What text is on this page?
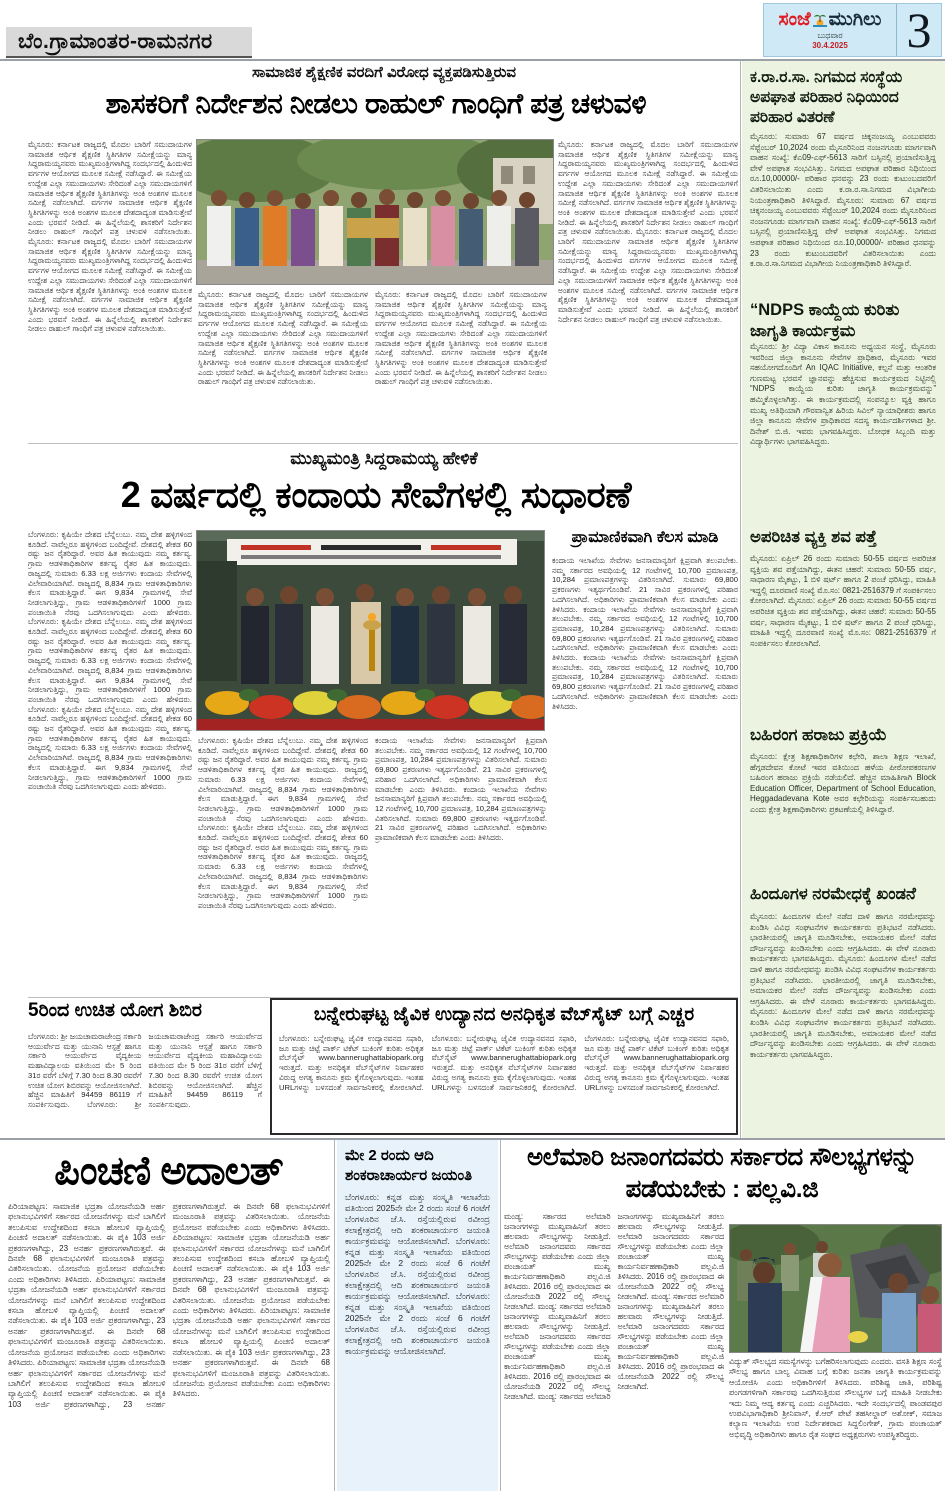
ಬೆಂ.ಗ್ರಾಮಾಂತರ-ರಾಮನಗರ
ಸಂಜೆ ಮುಗಿಲು
ಬುಧವಾರ
30.4.2025 3
ಸಾಮಾಜಿಕ ಶೈಕ್ಷಣಿಕ ವರದಿಗೆ ವಿರೋಧ ವ್ಯಕ್ತಪಡಿಸುತ್ತಿರುವ
ಶಾಸಕರಿಗೆ ನಿರ್ದೇಶನ ನೀಡಲು ರಾಹುಲ್ ಗಾಂಧಿಗೆ ಪತ್ರ ಚಳುವಳಿ
ಮೈಸೂರು: ಕರ್ನಾಟಕ ರಾಜ್ಯದಲ್ಲಿ ಮೊದಲ ಬಾರಿಗೆ ಸಮುದಾಯಗಳ ಸಾಮಾಜಿಕ ಆರ್ಥಿಕ ಶೈಕ್ಷಣಿಕ ಸ್ಥಿತಿಗತಿಗಳ ಸಮೀಕ್ಷೆಯನ್ನು ಮಾನ್ಯ ಸಿದ್ದರಾಮಯ್ಯನವರು ಮುಖ್ಯಮಂತ್ರಿಗಳಾಗಿದ್ದ ಸಂದರ್ಭದಲ್ಲಿ ಹಿಂದುಳಿದ ವರ್ಗಗಳ ಆಯೋಗದ ಮೂಲಕ ಸಮೀಕ್ಷೆ ನಡೆಸಿದ್ದಾರೆ. ಈ ಸಮೀಕ್ಷೆಯ ಉದ್ದೇಶ ಎಲ್ಲಾ ಸಮುದಾಯಗಳು ಸೇರಿದಂತೆ ಎಲ್ಲಾ ಸಮುದಾಯಗಳಿಗೆ ಸಾಮಾಜಿಕ ಆರ್ಥಿಕ ಶೈಕ್ಷಣಿಕ ಸ್ಥಿತಿಗತಿಗಳನ್ನು ಅಂಕಿ ಅಂಶಗಳ ಮೂಲಕ ಸಮೀಕ್ಷೆ ನಡೆಸಲಾಗಿದೆ. ವರ್ಗಗಳ ಸಾಮಾಜಿಕ ಆರ್ಥಿಕ ಶೈಕ್ಷಣಿಕ ಸ್ಥಿತಿಗತಿಗಳನ್ನು ಅಂಕಿ ಅಂಶಗಳ ಮೂಲಕ ದೇಶದಾದ್ಯಂತ ಮಾಡಿಸುತ್ತೇವೆ ಎಂದು ಭರವಸೆ ನೀಡಿದೆ. ಈ ಹಿನ್ನೆಲೆಯಲ್ಲಿ ಶಾಸಕರಿಗೆ ನಿರ್ದೇಶನ ನೀಡಲು ರಾಹುಲ್ ಗಾಂಧಿಗೆ ಪತ್ರ ಚಳುವಳಿ ನಡೆಸಲಾಯಿತು. ಮೈಸೂರು: ಕರ್ನಾಟಕ ರಾಜ್ಯದಲ್ಲಿ ಮೊದಲ ಬಾರಿಗೆ ಸಮುದಾಯಗಳ ಸಾಮಾಜಿಕ ಆರ್ಥಿಕ ಶೈಕ್ಷಣಿಕ ಸ್ಥಿತಿಗತಿಗಳ ಸಮೀಕ್ಷೆಯನ್ನು ಮಾನ್ಯ ಸಿದ್ದರಾಮಯ್ಯನವರು ಮುಖ್ಯಮಂತ್ರಿಗಳಾಗಿದ್ದ ಸಂದರ್ಭದಲ್ಲಿ ಹಿಂದುಳಿದ ವರ್ಗಗಳ ಆಯೋಗದ ಮೂಲಕ ಸಮೀಕ್ಷೆ ನಡೆಸಿದ್ದಾರೆ. ಈ ಸಮೀಕ್ಷೆಯ ಉದ್ದೇಶ ಎಲ್ಲಾ ಸಮುದಾಯಗಳು ಸೇರಿದಂತೆ ಎಲ್ಲಾ ಸಮುದಾಯಗಳಿಗೆ ಸಾಮಾಜಿಕ ಆರ್ಥಿಕ ಶೈಕ್ಷಣಿಕ ಸ್ಥಿತಿಗತಿಗಳನ್ನು ಅಂಕಿ ಅಂಶಗಳ ಮೂಲಕ ಸಮೀಕ್ಷೆ ನಡೆಸಲಾಗಿದೆ. ವರ್ಗಗಳ ಸಾಮಾಜಿಕ ಆರ್ಥಿಕ ಶೈಕ್ಷಣಿಕ ಸ್ಥಿತಿಗತಿಗಳನ್ನು ಅಂಕಿ ಅಂಶಗಳ ಮೂಲಕ ದೇಶದಾದ್ಯಂತ ಮಾಡಿಸುತ್ತೇವೆ ಎಂದು ಭರವಸೆ ನೀಡಿದೆ. ಈ ಹಿನ್ನೆಲೆಯಲ್ಲಿ ಶಾಸಕರಿಗೆ ನಿರ್ದೇಶನ ನೀಡಲು ರಾಹುಲ್ ಗಾಂಧಿಗೆ ಪತ್ರ ಚಳುವಳಿ ನಡೆಸಲಾಯಿತು.
ಮೈಸೂರು: ಕರ್ನಾಟಕ ರಾಜ್ಯದಲ್ಲಿ ಮೊದಲ ಬಾರಿಗೆ ಸಮುದಾಯಗಳ ಸಾಮಾಜಿಕ ಆರ್ಥಿಕ ಶೈಕ್ಷಣಿಕ ಸ್ಥಿತಿಗತಿಗಳ ಸಮೀಕ್ಷೆಯನ್ನು ಮಾನ್ಯ ಸಿದ್ದರಾಮಯ್ಯನವರು ಮುಖ್ಯಮಂತ್ರಿಗಳಾಗಿದ್ದ ಸಂದರ್ಭದಲ್ಲಿ ಹಿಂದುಳಿದ ವರ್ಗಗಳ ಆಯೋಗದ ಮೂಲಕ ಸಮೀಕ್ಷೆ ನಡೆಸಿದ್ದಾರೆ. ಈ ಸಮೀಕ್ಷೆಯ ಉದ್ದೇಶ ಎಲ್ಲಾ ಸಮುದಾಯಗಳು ಸೇರಿದಂತೆ ಎಲ್ಲಾ ಸಮುದಾಯಗಳಿಗೆ ಸಾಮಾಜಿಕ ಆರ್ಥಿಕ ಶೈಕ್ಷಣಿಕ ಸ್ಥಿತಿಗತಿಗಳನ್ನು ಅಂಕಿ ಅಂಶಗಳ ಮೂಲಕ ಸಮೀಕ್ಷೆ ನಡೆಸಲಾಗಿದೆ. ವರ್ಗಗಳ ಸಾಮಾಜಿಕ ಆರ್ಥಿಕ ಶೈಕ್ಷಣಿಕ ಸ್ಥಿತಿಗತಿಗಳನ್ನು ಅಂಕಿ ಅಂಶಗಳ ಮೂಲಕ ದೇಶದಾದ್ಯಂತ ಮಾಡಿಸುತ್ತೇವೆ ಎಂದು ಭರವಸೆ ನೀಡಿದೆ. ಈ ಹಿನ್ನೆಲೆಯಲ್ಲಿ ಶಾಸಕರಿಗೆ ನಿರ್ದೇಶನ ನೀಡಲು ರಾಹುಲ್ ಗಾಂಧಿಗೆ ಪತ್ರ ಚಳುವಳಿ ನಡೆಸಲಾಯಿತು.
ಮೈಸೂರು: ಕರ್ನಾಟಕ ರಾಜ್ಯದಲ್ಲಿ ಮೊದಲ ಬಾರಿಗೆ ಸಮುದಾಯಗಳ ಸಾಮಾಜಿಕ ಆರ್ಥಿಕ ಶೈಕ್ಷಣಿಕ ಸ್ಥಿತಿಗತಿಗಳ ಸಮೀಕ್ಷೆಯನ್ನು ಮಾನ್ಯ ಸಿದ್ದರಾಮಯ್ಯನವರು ಮುಖ್ಯಮಂತ್ರಿಗಳಾಗಿದ್ದ ಸಂದರ್ಭದಲ್ಲಿ ಹಿಂದುಳಿದ ವರ್ಗಗಳ ಆಯೋಗದ ಮೂಲಕ ಸಮೀಕ್ಷೆ ನಡೆಸಿದ್ದಾರೆ. ಈ ಸಮೀಕ್ಷೆಯ ಉದ್ದೇಶ ಎಲ್ಲಾ ಸಮುದಾಯಗಳು ಸೇರಿದಂತೆ ಎಲ್ಲಾ ಸಮುದಾಯಗಳಿಗೆ ಸಾಮಾಜಿಕ ಆರ್ಥಿಕ ಶೈಕ್ಷಣಿಕ ಸ್ಥಿತಿಗತಿಗಳನ್ನು ಅಂಕಿ ಅಂಶಗಳ ಮೂಲಕ ಸಮೀಕ್ಷೆ ನಡೆಸಲಾಗಿದೆ. ವರ್ಗಗಳ ಸಾಮಾಜಿಕ ಆರ್ಥಿಕ ಶೈಕ್ಷಣಿಕ ಸ್ಥಿತಿಗತಿಗಳನ್ನು ಅಂಕಿ ಅಂಶಗಳ ಮೂಲಕ ದೇಶದಾದ್ಯಂತ ಮಾಡಿಸುತ್ತೇವೆ ಎಂದು ಭರವಸೆ ನೀಡಿದೆ. ಈ ಹಿನ್ನೆಲೆಯಲ್ಲಿ ಶಾಸಕರಿಗೆ ನಿರ್ದೇಶನ ನೀಡಲು ರಾಹುಲ್ ಗಾಂಧಿಗೆ ಪತ್ರ ಚಳುವಳಿ ನಡೆಸಲಾಯಿತು.
ಮೈಸೂರು: ಕರ್ನಾಟಕ ರಾಜ್ಯದಲ್ಲಿ ಮೊದಲ ಬಾರಿಗೆ ಸಮುದಾಯಗಳ ಸಾಮಾಜಿಕ ಆರ್ಥಿಕ ಶೈಕ್ಷಣಿಕ ಸ್ಥಿತಿಗತಿಗಳ ಸಮೀಕ್ಷೆಯನ್ನು ಮಾನ್ಯ ಸಿದ್ದರಾಮಯ್ಯನವರು ಮುಖ್ಯಮಂತ್ರಿಗಳಾಗಿದ್ದ ಸಂದರ್ಭದಲ್ಲಿ ಹಿಂದುಳಿದ ವರ್ಗಗಳ ಆಯೋಗದ ಮೂಲಕ ಸಮೀಕ್ಷೆ ನಡೆಸಿದ್ದಾರೆ. ಈ ಸಮೀಕ್ಷೆಯ ಉದ್ದೇಶ ಎಲ್ಲಾ ಸಮುದಾಯಗಳು ಸೇರಿದಂತೆ ಎಲ್ಲಾ ಸಮುದಾಯಗಳಿಗೆ ಸಾಮಾಜಿಕ ಆರ್ಥಿಕ ಶೈಕ್ಷಣಿಕ ಸ್ಥಿತಿಗತಿಗಳನ್ನು ಅಂಕಿ ಅಂಶಗಳ ಮೂಲಕ ಸಮೀಕ್ಷೆ ನಡೆಸಲಾಗಿದೆ. ವರ್ಗಗಳ ಸಾಮಾಜಿಕ ಆರ್ಥಿಕ ಶೈಕ್ಷಣಿಕ ಸ್ಥಿತಿಗತಿಗಳನ್ನು ಅಂಕಿ ಅಂಶಗಳ ಮೂಲಕ ದೇಶದಾದ್ಯಂತ ಮಾಡಿಸುತ್ತೇವೆ ಎಂದು ಭರವಸೆ ನೀಡಿದೆ. ಈ ಹಿನ್ನೆಲೆಯಲ್ಲಿ ಶಾಸಕರಿಗೆ ನಿರ್ದೇಶನ ನೀಡಲು ರಾಹುಲ್ ಗಾಂಧಿಗೆ ಪತ್ರ ಚಳುವಳಿ ನಡೆಸಲಾಯಿತು. ಮೈಸೂರು: ಕರ್ನಾಟಕ ರಾಜ್ಯದಲ್ಲಿ ಮೊದಲ ಬಾರಿಗೆ ಸಮುದಾಯಗಳ ಸಾಮಾಜಿಕ ಆರ್ಥಿಕ ಶೈಕ್ಷಣಿಕ ಸ್ಥಿತಿಗತಿಗಳ ಸಮೀಕ್ಷೆಯನ್ನು ಮಾನ್ಯ ಸಿದ್ದರಾಮಯ್ಯನವರು ಮುಖ್ಯಮಂತ್ರಿಗಳಾಗಿದ್ದ ಸಂದರ್ಭದಲ್ಲಿ ಹಿಂದುಳಿದ ವರ್ಗಗಳ ಆಯೋಗದ ಮೂಲಕ ಸಮೀಕ್ಷೆ ನಡೆಸಿದ್ದಾರೆ. ಈ ಸಮೀಕ್ಷೆಯ ಉದ್ದೇಶ ಎಲ್ಲಾ ಸಮುದಾಯಗಳು ಸೇರಿದಂತೆ ಎಲ್ಲಾ ಸಮುದಾಯಗಳಿಗೆ ಸಾಮಾಜಿಕ ಆರ್ಥಿಕ ಶೈಕ್ಷಣಿಕ ಸ್ಥಿತಿಗತಿಗಳನ್ನು ಅಂಕಿ ಅಂಶಗಳ ಮೂಲಕ ಸಮೀಕ್ಷೆ ನಡೆಸಲಾಗಿದೆ. ವರ್ಗಗಳ ಸಾಮಾಜಿಕ ಆರ್ಥಿಕ ಶೈಕ್ಷಣಿಕ ಸ್ಥಿತಿಗತಿಗಳನ್ನು ಅಂಕಿ ಅಂಶಗಳ ಮೂಲಕ ದೇಶದಾದ್ಯಂತ ಮಾಡಿಸುತ್ತೇವೆ ಎಂದು ಭರವಸೆ ನೀಡಿದೆ. ಈ ಹಿನ್ನೆಲೆಯಲ್ಲಿ ಶಾಸಕರಿಗೆ ನಿರ್ದೇಶನ ನೀಡಲು ರಾಹುಲ್ ಗಾಂಧಿಗೆ ಪತ್ರ ಚಳುವಳಿ ನಡೆಸಲಾಯಿತು.
ಮುಖ್ಯಮಂತ್ರಿ ಸಿದ್ದರಾಮಯ್ಯ ಹೇಳಿಕೆ
2 ವರ್ಷದಲ್ಲಿ ಕಂದಾಯ ಸೇವೆಗಳಲ್ಲಿ ಸುಧಾರಣೆ
ಪ್ರಾಮಾಣಿಕವಾಗಿ ಕೆಲಸ ಮಾಡಿ
ಬೆಂಗಳೂರು: ಕೃಷಿಯೇ ದೇಶದ ಬೆನ್ನೆಲುಬು. ನಮ್ಮ ದೇಶ ಹಳ್ಳಿಗಳಿಂದ ಕೂಡಿದೆ. ನಾವೆಲ್ಲರೂ ಹಳ್ಳಿಗಳಿಂದ ಬಂದಿದ್ದೇವೆ. ದೇಶದಲ್ಲಿ ಶೇಕಡ 60 ರಷ್ಟು ಜನ ರೈತರಿದ್ದಾರೆ. ಅವರ ಹಿತ ಕಾಯುವುದು ನಮ್ಮ ಕರ್ತವ್ಯ. ಗ್ರಾಮ ಆಡಳಿತಾಧಿಕಾರಿಗಳ ಕರ್ತವ್ಯ ರೈತರ ಹಿತ ಕಾಯುವುದು. ರಾಜ್ಯದಲ್ಲಿ ಸುಮಾರು 6.33 ಲಕ್ಷ ಅರ್ಜಿಗಳು ಕಂದಾಯ ಸೇವೆಗಳಲ್ಲಿ ವಿಲೇವಾರಿಯಾಗಿವೆ. ರಾಜ್ಯದಲ್ಲಿ 8,834 ಗ್ರಾಮ ಆಡಳಿತಾಧಿಕಾರಿಗಳು ಕೆಲಸ ಮಾಡುತ್ತಿದ್ದಾರೆ. ಈಗ 9,834 ಗ್ರಾಮಗಳಲ್ಲಿ ಸೇವೆ ನೀಡಲಾಗುತ್ತಿದ್ದು, ಗ್ರಾಮ ಆಡಳಿತಾಧಿಕಾರಿಗಳಿಗೆ 1000 ಗ್ರಾಮ ಪಂಚಾಯಿತಿ ನೆರವು ಒದಗಿಸಲಾಗುವುದು ಎಂದು ಹೇಳಿದರು. ಬೆಂಗಳೂರು: ಕೃಷಿಯೇ ದೇಶದ ಬೆನ್ನೆಲುಬು. ನಮ್ಮ ದೇಶ ಹಳ್ಳಿಗಳಿಂದ ಕೂಡಿದೆ. ನಾವೆಲ್ಲರೂ ಹಳ್ಳಿಗಳಿಂದ ಬಂದಿದ್ದೇವೆ. ದೇಶದಲ್ಲಿ ಶೇಕಡ 60 ರಷ್ಟು ಜನ ರೈತರಿದ್ದಾರೆ. ಅವರ ಹಿತ ಕಾಯುವುದು ನಮ್ಮ ಕರ್ತವ್ಯ. ಗ್ರಾಮ ಆಡಳಿತಾಧಿಕಾರಿಗಳ ಕರ್ತವ್ಯ ರೈತರ ಹಿತ ಕಾಯುವುದು. ರಾಜ್ಯದಲ್ಲಿ ಸುಮಾರು 6.33 ಲಕ್ಷ ಅರ್ಜಿಗಳು ಕಂದಾಯ ಸೇವೆಗಳಲ್ಲಿ ವಿಲೇವಾರಿಯಾಗಿವೆ. ರಾಜ್ಯದಲ್ಲಿ 8,834 ಗ್ರಾಮ ಆಡಳಿತಾಧಿಕಾರಿಗಳು ಕೆಲಸ ಮಾಡುತ್ತಿದ್ದಾರೆ. ಈಗ 9,834 ಗ್ರಾಮಗಳಲ್ಲಿ ಸೇವೆ ನೀಡಲಾಗುತ್ತಿದ್ದು, ಗ್ರಾಮ ಆಡಳಿತಾಧಿಕಾರಿಗಳಿಗೆ 1000 ಗ್ರಾಮ ಪಂಚಾಯಿತಿ ನೆರವು ಒದಗಿಸಲಾಗುವುದು ಎಂದು ಹೇಳಿದರು. ಬೆಂಗಳೂರು: ಕೃಷಿಯೇ ದೇಶದ ಬೆನ್ನೆಲುಬು. ನಮ್ಮ ದೇಶ ಹಳ್ಳಿಗಳಿಂದ ಕೂಡಿದೆ. ನಾವೆಲ್ಲರೂ ಹಳ್ಳಿಗಳಿಂದ ಬಂದಿದ್ದೇವೆ. ದೇಶದಲ್ಲಿ ಶೇಕಡ 60 ರಷ್ಟು ಜನ ರೈತರಿದ್ದಾರೆ. ಅವರ ಹಿತ ಕಾಯುವುದು ನಮ್ಮ ಕರ್ತವ್ಯ. ಗ್ರಾಮ ಆಡಳಿತಾಧಿಕಾರಿಗಳ ಕರ್ತವ್ಯ ರೈತರ ಹಿತ ಕಾಯುವುದು. ರಾಜ್ಯದಲ್ಲಿ ಸುಮಾರು 6.33 ಲಕ್ಷ ಅರ್ಜಿಗಳು ಕಂದಾಯ ಸೇವೆಗಳಲ್ಲಿ ವಿಲೇವಾರಿಯಾಗಿವೆ. ರಾಜ್ಯದಲ್ಲಿ 8,834 ಗ್ರಾಮ ಆಡಳಿತಾಧಿಕಾರಿಗಳು ಕೆಲಸ ಮಾಡುತ್ತಿದ್ದಾರೆ. ಈಗ 9,834 ಗ್ರಾಮಗಳಲ್ಲಿ ಸೇವೆ ನೀಡಲಾಗುತ್ತಿದ್ದು, ಗ್ರಾಮ ಆಡಳಿತಾಧಿಕಾರಿಗಳಿಗೆ 1000 ಗ್ರಾಮ ಪಂಚಾಯಿತಿ ನೆರವು ಒದಗಿಸಲಾಗುವುದು ಎಂದು ಹೇಳಿದರು.
ಬೆಂಗಳೂರು: ಕೃಷಿಯೇ ದೇಶದ ಬೆನ್ನೆಲುಬು. ನಮ್ಮ ದೇಶ ಹಳ್ಳಿಗಳಿಂದ ಕೂಡಿದೆ. ನಾವೆಲ್ಲರೂ ಹಳ್ಳಿಗಳಿಂದ ಬಂದಿದ್ದೇವೆ. ದೇಶದಲ್ಲಿ ಶೇಕಡ 60 ರಷ್ಟು ಜನ ರೈತರಿದ್ದಾರೆ. ಅವರ ಹಿತ ಕಾಯುವುದು ನಮ್ಮ ಕರ್ತವ್ಯ. ಗ್ರಾಮ ಆಡಳಿತಾಧಿಕಾರಿಗಳ ಕರ್ತವ್ಯ ರೈತರ ಹಿತ ಕಾಯುವುದು. ರಾಜ್ಯದಲ್ಲಿ ಸುಮಾರು 6.33 ಲಕ್ಷ ಅರ್ಜಿಗಳು ಕಂದಾಯ ಸೇವೆಗಳಲ್ಲಿ ವಿಲೇವಾರಿಯಾಗಿವೆ. ರಾಜ್ಯದಲ್ಲಿ 8,834 ಗ್ರಾಮ ಆಡಳಿತಾಧಿಕಾರಿಗಳು ಕೆಲಸ ಮಾಡುತ್ತಿದ್ದಾರೆ. ಈಗ 9,834 ಗ್ರಾಮಗಳಲ್ಲಿ ಸೇವೆ ನೀಡಲಾಗುತ್ತಿದ್ದು, ಗ್ರಾಮ ಆಡಳಿತಾಧಿಕಾರಿಗಳಿಗೆ 1000 ಗ್ರಾಮ ಪಂಚಾಯಿತಿ ನೆರವು ಒದಗಿಸಲಾಗುವುದು ಎಂದು ಹೇಳಿದರು. ಬೆಂಗಳೂರು: ಕೃಷಿಯೇ ದೇಶದ ಬೆನ್ನೆಲುಬು. ನಮ್ಮ ದೇಶ ಹಳ್ಳಿಗಳಿಂದ ಕೂಡಿದೆ. ನಾವೆಲ್ಲರೂ ಹಳ್ಳಿಗಳಿಂದ ಬಂದಿದ್ದೇವೆ. ದೇಶದಲ್ಲಿ ಶೇಕಡ 60 ರಷ್ಟು ಜನ ರೈತರಿದ್ದಾರೆ. ಅವರ ಹಿತ ಕಾಯುವುದು ನಮ್ಮ ಕರ್ತವ್ಯ. ಗ್ರಾಮ ಆಡಳಿತಾಧಿಕಾರಿಗಳ ಕರ್ತವ್ಯ ರೈತರ ಹಿತ ಕಾಯುವುದು. ರಾಜ್ಯದಲ್ಲಿ ಸುಮಾರು 6.33 ಲಕ್ಷ ಅರ್ಜಿಗಳು ಕಂದಾಯ ಸೇವೆಗಳಲ್ಲಿ ವಿಲೇವಾರಿಯಾಗಿವೆ. ರಾಜ್ಯದಲ್ಲಿ 8,834 ಗ್ರಾಮ ಆಡಳಿತಾಧಿಕಾರಿಗಳು ಕೆಲಸ ಮಾಡುತ್ತಿದ್ದಾರೆ. ಈಗ 9,834 ಗ್ರಾಮಗಳಲ್ಲಿ ಸೇವೆ ನೀಡಲಾಗುತ್ತಿದ್ದು, ಗ್ರಾಮ ಆಡಳಿತಾಧಿಕಾರಿಗಳಿಗೆ 1000 ಗ್ರಾಮ ಪಂಚಾಯಿತಿ ನೆರವು ಒದಗಿಸಲಾಗುವುದು ಎಂದು ಹೇಳಿದರು.
ಕಂದಾಯ ಇಲಾಖೆಯ ಸೇವೆಗಳು ಜನಸಾಮಾನ್ಯರಿಗೆ ಕ್ಷಿಪ್ರವಾಗಿ ತಲುಪಬೇಕು. ನಮ್ಮ ಸರ್ಕಾರದ ಅವಧಿಯಲ್ಲಿ 12 ಗಂಟೆಗಳಲ್ಲಿ 10,700 ಪ್ರಮಾಣಪತ್ರ, 10,284 ಪ್ರಮಾಣಪತ್ರಗಳನ್ನು ವಿತರಿಸಲಾಗಿದೆ. ಸುಮಾರು 69,800 ಪ್ರಕರಣಗಳು ಇತ್ಯರ್ಥಗೊಂಡಿವೆ. 21 ಸಾವಿರ ಪ್ರಕರಣಗಳಲ್ಲಿ ಪರಿಹಾರ ಒದಗಿಸಲಾಗಿದೆ. ಅಧಿಕಾರಿಗಳು ಪ್ರಾಮಾಣಿಕವಾಗಿ ಕೆಲಸ ಮಾಡಬೇಕು ಎಂದು ತಿಳಿಸಿದರು. ಕಂದಾಯ ಇಲಾಖೆಯ ಸೇವೆಗಳು ಜನಸಾಮಾನ್ಯರಿಗೆ ಕ್ಷಿಪ್ರವಾಗಿ ತಲುಪಬೇಕು. ನಮ್ಮ ಸರ್ಕಾರದ ಅವಧಿಯಲ್ಲಿ 12 ಗಂಟೆಗಳಲ್ಲಿ 10,700 ಪ್ರಮಾಣಪತ್ರ, 10,284 ಪ್ರಮಾಣಪತ್ರಗಳನ್ನು ವಿತರಿಸಲಾಗಿದೆ. ಸುಮಾರು 69,800 ಪ್ರಕರಣಗಳು ಇತ್ಯರ್ಥಗೊಂಡಿವೆ. 21 ಸಾವಿರ ಪ್ರಕರಣಗಳಲ್ಲಿ ಪರಿಹಾರ ಒದಗಿಸಲಾಗಿದೆ. ಅಧಿಕಾರಿಗಳು ಪ್ರಾಮಾಣಿಕವಾಗಿ ಕೆಲಸ ಮಾಡಬೇಕು ಎಂದು ತಿಳಿಸಿದರು.
ಕಂದಾಯ ಇಲಾಖೆಯ ಸೇವೆಗಳು ಜನಸಾಮಾನ್ಯರಿಗೆ ಕ್ಷಿಪ್ರವಾಗಿ ತಲುಪಬೇಕು. ನಮ್ಮ ಸರ್ಕಾರದ ಅವಧಿಯಲ್ಲಿ 12 ಗಂಟೆಗಳಲ್ಲಿ 10,700 ಪ್ರಮಾಣಪತ್ರ, 10,284 ಪ್ರಮಾಣಪತ್ರಗಳನ್ನು ವಿತರಿಸಲಾಗಿದೆ. ಸುಮಾರು 69,800 ಪ್ರಕರಣಗಳು ಇತ್ಯರ್ಥಗೊಂಡಿವೆ. 21 ಸಾವಿರ ಪ್ರಕರಣಗಳಲ್ಲಿ ಪರಿಹಾರ ಒದಗಿಸಲಾಗಿದೆ. ಅಧಿಕಾರಿಗಳು ಪ್ರಾಮಾಣಿಕವಾಗಿ ಕೆಲಸ ಮಾಡಬೇಕು ಎಂದು ತಿಳಿಸಿದರು. ಕಂದಾಯ ಇಲಾಖೆಯ ಸೇವೆಗಳು ಜನಸಾಮಾನ್ಯರಿಗೆ ಕ್ಷಿಪ್ರವಾಗಿ ತಲುಪಬೇಕು. ನಮ್ಮ ಸರ್ಕಾರದ ಅವಧಿಯಲ್ಲಿ 12 ಗಂಟೆಗಳಲ್ಲಿ 10,700 ಪ್ರಮಾಣಪತ್ರ, 10,284 ಪ್ರಮಾಣಪತ್ರಗಳನ್ನು ವಿತರಿಸಲಾಗಿದೆ. ಸುಮಾರು 69,800 ಪ್ರಕರಣಗಳು ಇತ್ಯರ್ಥಗೊಂಡಿವೆ. 21 ಸಾವಿರ ಪ್ರಕರಣಗಳಲ್ಲಿ ಪರಿಹಾರ ಒದಗಿಸಲಾಗಿದೆ. ಅಧಿಕಾರಿಗಳು ಪ್ರಾಮಾಣಿಕವಾಗಿ ಕೆಲಸ ಮಾಡಬೇಕು ಎಂದು ತಿಳಿಸಿದರು. ಕಂದಾಯ ಇಲಾಖೆಯ ಸೇವೆಗಳು ಜನಸಾಮಾನ್ಯರಿಗೆ ಕ್ಷಿಪ್ರವಾಗಿ ತಲುಪಬೇಕು. ನಮ್ಮ ಸರ್ಕಾರದ ಅವಧಿಯಲ್ಲಿ 12 ಗಂಟೆಗಳಲ್ಲಿ 10,700 ಪ್ರಮಾಣಪತ್ರ, 10,284 ಪ್ರಮಾಣಪತ್ರಗಳನ್ನು ವಿತರಿಸಲಾಗಿದೆ. ಸುಮಾರು 69,800 ಪ್ರಕರಣಗಳು ಇತ್ಯರ್ಥಗೊಂಡಿವೆ. 21 ಸಾವಿರ ಪ್ರಕರಣಗಳಲ್ಲಿ ಪರಿಹಾರ ಒದಗಿಸಲಾಗಿದೆ. ಅಧಿಕಾರಿಗಳು ಪ್ರಾಮಾಣಿಕವಾಗಿ ಕೆಲಸ ಮಾಡಬೇಕು ಎಂದು ತಿಳಿಸಿದರು.
5ರಿಂದ ಉಚಿತ ಯೋಗ ಶಿಬಿರ
ಬೆಂಗಳೂರು: ಶ್ರೀ ಜಯಚಾಮರಾಜೇಂದ್ರ ಸರ್ಕಾರಿ ಆಯುರ್ವೇದ ಮತ್ತು ಯುನಾನಿ ಆಸ್ಪತ್ರೆ ಹಾಗೂ ಸರ್ಕಾರಿ ಆಯುರ್ವೇದ ವೈದ್ಯಕೀಯ ಮಹಾವಿದ್ಯಾಲಯ ವತಿಯಿಂದ ಮೇ 5 ರಿಂದ 31ರ ವರೆಗೆ ಬೆಳಿಗ್ಗೆ 7.30 ರಿಂದ 8.30 ರವರೆಗೆ ಉಚಿತ ಯೋಗ ಶಿಬಿರವನ್ನು ಆಯೋಜಿಸಲಾಗಿದೆ. ಹೆಚ್ಚಿನ ಮಾಹಿತಿಗೆ 94459 86119 ಗೆ ಸಂಪರ್ಕಿಸುವುದು. ಬೆಂಗಳೂರು: ಶ್ರೀ ಜಯಚಾಮರಾಜೇಂದ್ರ ಸರ್ಕಾರಿ ಆಯುರ್ವೇದ ಮತ್ತು ಯುನಾನಿ ಆಸ್ಪತ್ರೆ ಹಾಗೂ ಸರ್ಕಾರಿ ಆಯುರ್ವೇದ ವೈದ್ಯಕೀಯ ಮಹಾವಿದ್ಯಾಲಯ ವತಿಯಿಂದ ಮೇ 5 ರಿಂದ 31ರ ವರೆಗೆ ಬೆಳಿಗ್ಗೆ 7.30 ರಿಂದ 8.30 ರವರೆಗೆ ಉಚಿತ ಯೋಗ ಶಿಬಿರವನ್ನು ಆಯೋಜಿಸಲಾಗಿದೆ. ಹೆಚ್ಚಿನ ಮಾಹಿತಿಗೆ 94459 86119 ಗೆ ಸಂಪರ್ಕಿಸುವುದು.
ಬನ್ನೇರುಘಟ್ಟ ಜೈವಿಕ ಉದ್ಯಾನದ ಅನಧಿಕೃತ ವೆಬ್‌ಸೈಟ್ ಬಗ್ಗೆ ಎಚ್ಚರ
ಬೆಂಗಳೂರು: ಬನ್ನೇರುಘಟ್ಟ ಜೈವಿಕ ಉದ್ಯಾನವನದ ಸಫಾರಿ, ಜೂ ಮತ್ತು ಚಿಟ್ಟೆ ಪಾರ್ಕ್ ಟಿಕೆಟ್ ಬುಕಿಂಗ್ ಕುರಿತು ಅಧಿಕೃತ ವೆಬ್‌ಸೈಟ್ www.bannerughattabiopark.org ಇರುತ್ತದೆ. ಮತ್ತು ಅನಧಿಕೃತ ವೆಬ್‌ಸೈಟ್‌ಗಳ ನಿರ್ವಾಹಕರ ವಿರುದ್ಧ ಅಗತ್ಯ ಕಾನೂನು ಕ್ರಮ ಕೈಗೊಳ್ಳಲಾಗುವುದು. ಇಂತಹ URLಗಳನ್ನು ಬಳಸದಂತೆ ಸಾರ್ವಜನಿಕರಲ್ಲಿ ಕೋರಲಾಗಿದೆ. ಬೆಂಗಳೂರು: ಬನ್ನೇರುಘಟ್ಟ ಜೈವಿಕ ಉದ್ಯಾನವನದ ಸಫಾರಿ, ಜೂ ಮತ್ತು ಚಿಟ್ಟೆ ಪಾರ್ಕ್ ಟಿಕೆಟ್ ಬುಕಿಂಗ್ ಕುರಿತು ಅಧಿಕೃತ ವೆಬ್‌ಸೈಟ್ www.bannerughattabiopark.org ಇರುತ್ತದೆ. ಮತ್ತು ಅನಧಿಕೃತ ವೆಬ್‌ಸೈಟ್‌ಗಳ ನಿರ್ವಾಹಕರ ವಿರುದ್ಧ ಅಗತ್ಯ ಕಾನೂನು ಕ್ರಮ ಕೈಗೊಳ್ಳಲಾಗುವುದು. ಇಂತಹ URLಗಳನ್ನು ಬಳಸದಂತೆ ಸಾರ್ವಜನಿಕರಲ್ಲಿ ಕೋರಲಾಗಿದೆ. ಬೆಂಗಳೂರು: ಬನ್ನೇರುಘಟ್ಟ ಜೈವಿಕ ಉದ್ಯಾನವನದ ಸಫಾರಿ, ಜೂ ಮತ್ತು ಚಿಟ್ಟೆ ಪಾರ್ಕ್ ಟಿಕೆಟ್ ಬುಕಿಂಗ್ ಕುರಿತು ಅಧಿಕೃತ ವೆಬ್‌ಸೈಟ್ www.bannerughattabiopark.org ಇರುತ್ತದೆ. ಮತ್ತು ಅನಧಿಕೃತ ವೆಬ್‌ಸೈಟ್‌ಗಳ ನಿರ್ವಾಹಕರ ವಿರುದ್ಧ ಅಗತ್ಯ ಕಾನೂನು ಕ್ರಮ ಕೈಗೊಳ್ಳಲಾಗುವುದು. ಇಂತಹ URLಗಳನ್ನು ಬಳಸದಂತೆ ಸಾರ್ವಜನಿಕರಲ್ಲಿ ಕೋರಲಾಗಿದೆ.
ಪಿಂಚಣಿ ಅದಾಲತ್
ಪಿರಿಯಾಪಟ್ಟಣ: ಸಾಮಾಜಿಕ ಭದ್ರತಾ ಯೋಜನೆಯಡಿ ಅರ್ಹ ಫಲಾನುಭವಿಗಳಿಗೆ ಸರ್ಕಾರದ ಯೋಜನೆಗಳನ್ನು ಮನೆ ಬಾಗಿಲಿಗೆ ತಲುಪಿಸುವ ಉದ್ದೇಶದಿಂದ ಕಸಬಾ ಹೋಬಳಿ ವ್ಯಾಪ್ತಿಯಲ್ಲಿ ಪಿಂಚಣಿ ಅದಾಲತ್ ನಡೆಸಲಾಯಿತು. ಈ ಪೈಕಿ 103 ಅರ್ಜಿ ಪ್ರಕರಣಗಳಾಗಿದ್ದು, 23 ಅನರ್ಹ ಪ್ರಕರಣಗಳಾಗಿರುತ್ತವೆ. ಈ ದಿನವೇ 68 ಫಲಾನುಭವಿಗಳಿಗೆ ಮಂಜೂರಾತಿ ಪತ್ರವನ್ನು ವಿತರಿಸಲಾಯಿತು. ಯೋಜನೆಯ ಪ್ರಯೋಜನ ಪಡೆಯಬೇಕು ಎಂದು ಅಧಿಕಾರಿಗಳು ತಿಳಿಸಿದರು. ಪಿರಿಯಾಪಟ್ಟಣ: ಸಾಮಾಜಿಕ ಭದ್ರತಾ ಯೋಜನೆಯಡಿ ಅರ್ಹ ಫಲಾನುಭವಿಗಳಿಗೆ ಸರ್ಕಾರದ ಯೋಜನೆಗಳನ್ನು ಮನೆ ಬಾಗಿಲಿಗೆ ತಲುಪಿಸುವ ಉದ್ದೇಶದಿಂದ ಕಸಬಾ ಹೋಬಳಿ ವ್ಯಾಪ್ತಿಯಲ್ಲಿ ಪಿಂಚಣಿ ಅದಾಲತ್ ನಡೆಸಲಾಯಿತು. ಈ ಪೈಕಿ 103 ಅರ್ಜಿ ಪ್ರಕರಣಗಳಾಗಿದ್ದು, 23 ಅನರ್ಹ ಪ್ರಕರಣಗಳಾಗಿರುತ್ತವೆ. ಈ ದಿನವೇ 68 ಫಲಾನುಭವಿಗಳಿಗೆ ಮಂಜೂರಾತಿ ಪತ್ರವನ್ನು ವಿತರಿಸಲಾಯಿತು. ಯೋಜನೆಯ ಪ್ರಯೋಜನ ಪಡೆಯಬೇಕು ಎಂದು ಅಧಿಕಾರಿಗಳು ತಿಳಿಸಿದರು. ಪಿರಿಯಾಪಟ್ಟಣ: ಸಾಮಾಜಿಕ ಭದ್ರತಾ ಯೋಜನೆಯಡಿ ಅರ್ಹ ಫಲಾನುಭವಿಗಳಿಗೆ ಸರ್ಕಾರದ ಯೋಜನೆಗಳನ್ನು ಮನೆ ಬಾಗಿಲಿಗೆ ತಲುಪಿಸುವ ಉದ್ದೇಶದಿಂದ ಕಸಬಾ ಹೋಬಳಿ ವ್ಯಾಪ್ತಿಯಲ್ಲಿ ಪಿಂಚಣಿ ಅದಾಲತ್ ನಡೆಸಲಾಯಿತು. ಈ ಪೈಕಿ 103 ಅರ್ಜಿ ಪ್ರಕರಣಗಳಾಗಿದ್ದು, 23 ಅನರ್ಹ ಪ್ರಕರಣಗಳಾಗಿರುತ್ತವೆ. ಈ ದಿನವೇ 68 ಫಲಾನುಭವಿಗಳಿಗೆ ಮಂಜೂರಾತಿ ಪತ್ರವನ್ನು ವಿತರಿಸಲಾಯಿತು. ಯೋಜನೆಯ ಪ್ರಯೋಜನ ಪಡೆಯಬೇಕು ಎಂದು ಅಧಿಕಾರಿಗಳು ತಿಳಿಸಿದರು. ಪಿರಿಯಾಪಟ್ಟಣ: ಸಾಮಾಜಿಕ ಭದ್ರತಾ ಯೋಜನೆಯಡಿ ಅರ್ಹ ಫಲಾನುಭವಿಗಳಿಗೆ ಸರ್ಕಾರದ ಯೋಜನೆಗಳನ್ನು ಮನೆ ಬಾಗಿಲಿಗೆ ತಲುಪಿಸುವ ಉದ್ದೇಶದಿಂದ ಕಸಬಾ ಹೋಬಳಿ ವ್ಯಾಪ್ತಿಯಲ್ಲಿ ಪಿಂಚಣಿ ಅದಾಲತ್ ನಡೆಸಲಾಯಿತು. ಈ ಪೈಕಿ 103 ಅರ್ಜಿ ಪ್ರಕರಣಗಳಾಗಿದ್ದು, 23 ಅನರ್ಹ ಪ್ರಕರಣಗಳಾಗಿರುತ್ತವೆ. ಈ ದಿನವೇ 68 ಫಲಾನುಭವಿಗಳಿಗೆ ಮಂಜೂರಾತಿ ಪತ್ರವನ್ನು ವಿತರಿಸಲಾಯಿತು. ಯೋಜನೆಯ ಪ್ರಯೋಜನ ಪಡೆಯಬೇಕು ಎಂದು ಅಧಿಕಾರಿಗಳು ತಿಳಿಸಿದರು. ಪಿರಿಯಾಪಟ್ಟಣ: ಸಾಮಾಜಿಕ ಭದ್ರತಾ ಯೋಜನೆಯಡಿ ಅರ್ಹ ಫಲಾನುಭವಿಗಳಿಗೆ ಸರ್ಕಾರದ ಯೋಜನೆಗಳನ್ನು ಮನೆ ಬಾಗಿಲಿಗೆ ತಲುಪಿಸುವ ಉದ್ದೇಶದಿಂದ ಕಸಬಾ ಹೋಬಳಿ ವ್ಯಾಪ್ತಿಯಲ್ಲಿ ಪಿಂಚಣಿ ಅದಾಲತ್ ನಡೆಸಲಾಯಿತು. ಈ ಪೈಕಿ 103 ಅರ್ಜಿ ಪ್ರಕರಣಗಳಾಗಿದ್ದು, 23 ಅನರ್ಹ ಪ್ರಕರಣಗಳಾಗಿರುತ್ತವೆ. ಈ ದಿನವೇ 68 ಫಲಾನುಭವಿಗಳಿಗೆ ಮಂಜೂರಾತಿ ಪತ್ರವನ್ನು ವಿತರಿಸಲಾಯಿತು. ಯೋಜನೆಯ ಪ್ರಯೋಜನ ಪಡೆಯಬೇಕು ಎಂದು ಅಧಿಕಾರಿಗಳು ತಿಳಿಸಿದರು.
ಮೇ 2 ರಂದು ಆದಿ ಶಂಕರಾಚಾರ್ಯರ ಜಯಂತಿ
ಬೆಂಗಳೂರು: ಕನ್ನಡ ಮತ್ತು ಸಂಸ್ಕೃತಿ ಇಲಾಖೆಯ ವತಿಯಿಂದ 2025ನೇ ಮೇ 2 ರಂದು ಸಂಜೆ 6 ಗಂಟೆಗೆ ಬೆಂಗಳೂರಿನ ಜೆ.ಸಿ. ರಸ್ತೆಯಲ್ಲಿರುವ ರವೀಂದ್ರ ಕಲಾಕ್ಷೇತ್ರದಲ್ಲಿ ಆದಿ ಶಂಕರಾಚಾರ್ಯರ ಜಯಂತಿ ಕಾರ್ಯಕ್ರಮವನ್ನು ಆಯೋಜಿಸಲಾಗಿದೆ. ಬೆಂಗಳೂರು: ಕನ್ನಡ ಮತ್ತು ಸಂಸ್ಕೃತಿ ಇಲಾಖೆಯ ವತಿಯಿಂದ 2025ನೇ ಮೇ 2 ರಂದು ಸಂಜೆ 6 ಗಂಟೆಗೆ ಬೆಂಗಳೂರಿನ ಜೆ.ಸಿ. ರಸ್ತೆಯಲ್ಲಿರುವ ರವೀಂದ್ರ ಕಲಾಕ್ಷೇತ್ರದಲ್ಲಿ ಆದಿ ಶಂಕರಾಚಾರ್ಯರ ಜಯಂತಿ ಕಾರ್ಯಕ್ರಮವನ್ನು ಆಯೋಜಿಸಲಾಗಿದೆ. ಬೆಂಗಳೂರು: ಕನ್ನಡ ಮತ್ತು ಸಂಸ್ಕೃತಿ ಇಲಾಖೆಯ ವತಿಯಿಂದ 2025ನೇ ಮೇ 2 ರಂದು ಸಂಜೆ 6 ಗಂಟೆಗೆ ಬೆಂಗಳೂರಿನ ಜೆ.ಸಿ. ರಸ್ತೆಯಲ್ಲಿರುವ ರವೀಂದ್ರ ಕಲಾಕ್ಷೇತ್ರದಲ್ಲಿ ಆದಿ ಶಂಕರಾಚಾರ್ಯರ ಜಯಂತಿ ಕಾರ್ಯಕ್ರಮವನ್ನು ಆಯೋಜಿಸಲಾಗಿದೆ.
ಅಲೆಮಾರಿ ಜನಾಂಗದವರು ಸರ್ಕಾರದ ಸೌಲಭ್ಯಗಳನ್ನು ಪಡೆಯಬೇಕು : ಪಲ್ಲವಿ.ಜಿ
ಮಂಡ್ಯ: ಸರ್ಕಾರದ ಅಲೆಮಾರಿ ಜನಾಂಗಗಳನ್ನು ಮುಖ್ಯವಾಹಿನಿಗೆ ತರಲು ಹಲವಾರು ಸೌಲಭ್ಯಗಳನ್ನು ನೀಡುತ್ತಿದೆ. ಅಲೆಮಾರಿ ಜನಾಂಗದವರು ಸರ್ಕಾರದ ಸೌಲಭ್ಯಗಳನ್ನು ಪಡೆಯಬೇಕು ಎಂದು ಜಿಲ್ಲಾ ಪಂಚಾಯತ್ ಮುಖ್ಯ ಕಾರ್ಯನಿರ್ವಹಣಾಧಿಕಾರಿ ಪಲ್ಲವಿ.ಜಿ ತಿಳಿಸಿದರು. 2016 ರಲ್ಲಿ ಪ್ರಾರಂಭವಾದ ಈ ಯೋಜನೆಯಡಿ 2022 ರಲ್ಲಿ ಸೌಲಭ್ಯ ನೀಡಲಾಗಿದೆ. ಮಂಡ್ಯ: ಸರ್ಕಾರದ ಅಲೆಮಾರಿ ಜನಾಂಗಗಳನ್ನು ಮುಖ್ಯವಾಹಿನಿಗೆ ತರಲು ಹಲವಾರು ಸೌಲಭ್ಯಗಳನ್ನು ನೀಡುತ್ತಿದೆ. ಅಲೆಮಾರಿ ಜನಾಂಗದವರು ಸರ್ಕಾರದ ಸೌಲಭ್ಯಗಳನ್ನು ಪಡೆಯಬೇಕು ಎಂದು ಜಿಲ್ಲಾ ಪಂಚಾಯತ್ ಮುಖ್ಯ ಕಾರ್ಯನಿರ್ವಹಣಾಧಿಕಾರಿ ಪಲ್ಲವಿ.ಜಿ ತಿಳಿಸಿದರು. 2016 ರಲ್ಲಿ ಪ್ರಾರಂಭವಾದ ಈ ಯೋಜನೆಯಡಿ 2022 ರಲ್ಲಿ ಸೌಲಭ್ಯ ನೀಡಲಾಗಿದೆ. ಮಂಡ್ಯ: ಸರ್ಕಾರದ ಅಲೆಮಾರಿ ಜನಾಂಗಗಳನ್ನು ಮುಖ್ಯವಾಹಿನಿಗೆ ತರಲು ಹಲವಾರು ಸೌಲಭ್ಯಗಳನ್ನು ನೀಡುತ್ತಿದೆ. ಅಲೆಮಾರಿ ಜನಾಂಗದವರು ಸರ್ಕಾರದ ಸೌಲಭ್ಯಗಳನ್ನು ಪಡೆಯಬೇಕು ಎಂದು ಜಿಲ್ಲಾ ಪಂಚಾಯತ್ ಮುಖ್ಯ ಕಾರ್ಯನಿರ್ವಹಣಾಧಿಕಾರಿ ಪಲ್ಲವಿ.ಜಿ ತಿಳಿಸಿದರು. 2016 ರಲ್ಲಿ ಪ್ರಾರಂಭವಾದ ಈ ಯೋಜನೆಯಡಿ 2022 ರಲ್ಲಿ ಸೌಲಭ್ಯ ನೀಡಲಾಗಿದೆ. ಮಂಡ್ಯ: ಸರ್ಕಾರದ ಅಲೆಮಾರಿ ಜನಾಂಗಗಳನ್ನು ಮುಖ್ಯವಾಹಿನಿಗೆ ತರಲು ಹಲವಾರು ಸೌಲಭ್ಯಗಳನ್ನು ನೀಡುತ್ತಿದೆ. ಅಲೆಮಾರಿ ಜನಾಂಗದವರು ಸರ್ಕಾರದ ಸೌಲಭ್ಯಗಳನ್ನು ಪಡೆಯಬೇಕು ಎಂದು ಜಿಲ್ಲಾ ಪಂಚಾಯತ್ ಮುಖ್ಯ ಕಾರ್ಯನಿರ್ವಹಣಾಧಿಕಾರಿ ಪಲ್ಲವಿ.ಜಿ ತಿಳಿಸಿದರು. 2016 ರಲ್ಲಿ ಪ್ರಾರಂಭವಾದ ಈ ಯೋಜನೆಯಡಿ 2022 ರಲ್ಲಿ ಸೌಲಭ್ಯ ನೀಡಲಾಗಿದೆ.
ವಿದ್ಯುತ್ ಸೌಲಭ್ಯದ ಸಮಸ್ಯೆಗಳನ್ನು ಬಗೆಹರಿಸಲಾಗುವುದು ಎಂದರು. ವಸತಿ ಶಿಕ್ಷಣ ಸಂಸ್ಥೆ ಸೌಲಭ್ಯ ಹಾಗೂ ಬಾಲ್ಯ ವಿವಾಹ ಬಗ್ಗೆ ಕುರಿತು ಜನತಾ ಜಾಗೃತಿ ಕಾರ್ಯಕ್ರಮವನ್ನು ಆಯೋಜಿಸಿ ಎಂದು ಅಧಿಕಾರಿಗಳಿಗೆ ತಿಳಿಸಿದರು. ಪರಿಶಿಷ್ಟ ಜಾತಿ, ಪರಿಶಿಷ್ಟ ಪಂಗಡಗಳಿಗಾಗಿ ಸರ್ಕಾರವು ಒದಗಿಸುತ್ತಿರುವ ಸೌಲಭ್ಯಗಳ ಬಗ್ಗೆ ಮಾಹಿತಿ ನೀಡಬೇಕು ಇದು ನಿಮ್ಮ ಆದ್ಯ ಕರ್ತವ್ಯ ಎಂದು ಎಚ್ಚರಿಸಿದರು. ಇದೇ ಸಂದರ್ಭದಲ್ಲಿ ಪಾಂಡವಪುರ ಉಪವಿಭಾಗಾಧಿಕಾರಿ ಶ್ರೀನಿವಾಸ್, ಕೆ.ಆರ್ ಪೇಟೆ ತಹಸೀಲ್ದಾರ್ ಅಶೋಕ್, ಸಮಾಜ ಕಲ್ಯಾಣ ಇಲಾಖೆಯ ಉಪ ನಿರ್ದೇಶಕರಾದ ಸಿದ್ದಲಿಂಗೇಶ್, ಗ್ರಾಮ ಪಂಚಾಯತ್ ಅಭಿವೃದ್ಧಿ ಅಧಿಕಾರಿಗಳು ಹಾಗೂ ರೈತ ಸಂಘದ ಅಧ್ಯಕ್ಷರುಗಳು ಉಪಸ್ಥಿತರಿದ್ದರು.
ಕ.ರಾ.ರ.ಸಾ. ನಿಗಮದ ಸಂಸ್ಥೆಯ ಅಪಘಾತ ಪರಿಹಾರ ನಿಧಿಯಿಂದ ಪರಿಹಾರ ವಿತರಣೆ
ಮೈಸೂರು: ಸುಮಾರು 67 ವರ್ಷದ ಚಿಕ್ಕನಂಜಯ್ಯ ಎಂಬುವವರು ಸೆಪ್ಟೆಂಬರ್ 10,2024 ರಂದು ಮೈಸೂರಿನಿಂದ ನಂಜನಗೂಡು ಮಾರ್ಗವಾಗಿ ವಾಹನ ಸಂಖ್ಯೆ: ಕೆಎ09-ಎಫ್-5613 ಸಾರಿಗೆ ಬಸ್ಸಿನಲ್ಲಿ ಪ್ರಯಾಣಿಸುತ್ತಿದ್ದ ವೇಳೆ ಅಪಘಾತ ಸಂಭವಿಸಿತ್ತು. ನಿಗಮದ ಅಪಘಾತ ಪರಿಹಾರ ನಿಧಿಯಿಂದ ರೂ.10,00000/- ಪರಿಹಾರ ಧನವನ್ನು 23 ರಂದು ಕುಟುಂಬದವರಿಗೆ ವಿತರಿಸಲಾಯಿತು ಎಂದು ಕ.ರಾ.ರ.ಸಾ.ನಿಗಮದ ವಿಭಾಗೀಯ ನಿಯಂತ್ರಣಾಧಿಕಾರಿ ತಿಳಿಸಿದ್ದಾರೆ. ಮೈಸೂರು: ಸುಮಾರು 67 ವರ್ಷದ ಚಿಕ್ಕನಂಜಯ್ಯ ಎಂಬುವವರು ಸೆಪ್ಟೆಂಬರ್ 10,2024 ರಂದು ಮೈಸೂರಿನಿಂದ ನಂಜನಗೂಡು ಮಾರ್ಗವಾಗಿ ವಾಹನ ಸಂಖ್ಯೆ: ಕೆಎ09-ಎಫ್-5613 ಸಾರಿಗೆ ಬಸ್ಸಿನಲ್ಲಿ ಪ್ರಯಾಣಿಸುತ್ತಿದ್ದ ವೇಳೆ ಅಪಘಾತ ಸಂಭವಿಸಿತ್ತು. ನಿಗಮದ ಅಪಘಾತ ಪರಿಹಾರ ನಿಧಿಯಿಂದ ರೂ.10,00000/- ಪರಿಹಾರ ಧನವನ್ನು 23 ರಂದು ಕುಟುಂಬದವರಿಗೆ ವಿತರಿಸಲಾಯಿತು ಎಂದು ಕ.ರಾ.ರ.ಸಾ.ನಿಗಮದ ವಿಭಾಗೀಯ ನಿಯಂತ್ರಣಾಧಿಕಾರಿ ತಿಳಿಸಿದ್ದಾರೆ.
“NDPS ಕಾಯ್ದೆಯ ಕುರಿತು ಜಾಗೃತಿ ಕಾರ್ಯಕ್ರಮ
ಮೈಸೂರು: ಶ್ರೀ ವಿದ್ಯಾ ವಿಕಾಸ ಕಾನೂನು ಅಧ್ಯಯನ ಸಂಸ್ಥೆ, ಮೈಸೂರು ಇವರಿಂದ ಜಿಲ್ಲಾ ಕಾನೂನು ಸೇವೆಗಳ ಪ್ರಾಧಿಕಾರ, ಮೈಸೂರು ಇವರ ಸಹಯೋಗದೊಂದಿಗೆ An IQAC Initiative, ಕಲ್ಪನೆ ಮತ್ತು ಆಂತರಿಕ ಗುಣಮಟ್ಟ ಭರವಸೆ ಜ್ಞಾನವನ್ನು ಹೆಚ್ಚಿಸುವ ಕಾರ್ಯಕ್ರಮದ ನಿಟ್ಟಿನಲ್ಲಿ “NDPS ಕಾಯ್ದೆಯ ಕುರಿತು ಜಾಗೃತಿ ಕಾರ್ಯಕ್ರಮವನ್ನು” ಹಮ್ಮಿಕೊಳ್ಳಲಾಗಿತ್ತು. ಈ ಕಾರ್ಯಕ್ರಮದಲ್ಲಿ ಸಂಪನ್ಮೂಲ ವ್ಯಕ್ತಿ ಹಾಗೂ ಮುಖ್ಯ ಅತಿಥಿಯಾಗಿ ಗೌರವಾನ್ವಿತ ಹಿರಿಯ ಸಿವಿಲ್ ನ್ಯಾಯಾಧೀಶರು ಹಾಗೂ ಜಿಲ್ಲಾ ಕಾನೂನು ಸೇವೆಗಳ ಪ್ರಾಧಿಕಾರದ ಸದಸ್ಯ ಕಾರ್ಯದರ್ಶಿಗಳಾದ ಶ್ರೀ. ದಿನೇಶ್ ಬಿ.ಜಿ. ಇವರು ಭಾಗವಹಿಸಿದ್ದರು. ಬೋಧಕ ಸಿಬ್ಬಂದಿ ಮತ್ತು ವಿದ್ಯಾರ್ಥಿಗಳು ಭಾಗವಹಿಸಿದ್ದರು.
ಅಪರಿಚಿತ ವ್ಯಕ್ತಿ ಶವ ಪತ್ತೆ
ಮೈಸೂರು: ಏಪ್ರಿಲ್ 26 ರಂದು ಸುಮಾರು 50-55 ವರ್ಷದ ಅಪರಿಚಿತ ವ್ಯಕ್ತಿಯ ಶವ ಪತ್ತೆಯಾಗಿದ್ದು, ಈತನ ಚಹರೆ: ಸುಮಾರು 50-55 ವರ್ಷ, ಸಾಧಾರಣ ಮೈಕಟ್ಟು, 1 ಬಿಳಿ ಷರ್ಟ್ ಹಾಗೂ 2 ಪಂಚೆ ಧರಿಸಿದ್ದು, ಮಾಹಿತಿ ಇದ್ದಲ್ಲಿ ದೂರವಾಣಿ ಸಂಖ್ಯೆ ಮೊ.ಸಂ: 0821-2516379 ಗೆ ಸಂಪರ್ಕಿಸಲು ಕೋರಲಾಗಿದೆ. ಮೈಸೂರು: ಏಪ್ರಿಲ್ 26 ರಂದು ಸುಮಾರು 50-55 ವರ್ಷದ ಅಪರಿಚಿತ ವ್ಯಕ್ತಿಯ ಶವ ಪತ್ತೆಯಾಗಿದ್ದು, ಈತನ ಚಹರೆ: ಸುಮಾರು 50-55 ವರ್ಷ, ಸಾಧಾರಣ ಮೈಕಟ್ಟು, 1 ಬಿಳಿ ಷರ್ಟ್ ಹಾಗೂ 2 ಪಂಚೆ ಧರಿಸಿದ್ದು, ಮಾಹಿತಿ ಇದ್ದಲ್ಲಿ ದೂರವಾಣಿ ಸಂಖ್ಯೆ ಮೊ.ಸಂ: 0821-2516379 ಗೆ ಸಂಪರ್ಕಿಸಲು ಕೋರಲಾಗಿದೆ.
ಬಹಿರಂಗ ಹರಾಜು ಪ್ರಕ್ರಿಯೆ
ಮೈಸೂರು: ಕ್ಷೇತ್ರ ಶಿಕ್ಷಣಾಧಿಕಾರಿಗಳ ಕಛೇರಿ, ಶಾಲಾ ಶಿಕ್ಷಣ ಇಲಾಖೆ, ಹೆಗ್ಗಡದೇವನ ಕೋಟೆ ಇವರ ವತಿಯಿಂದ ಹಳೆಯ ಪೀಠೋಪಕರಣಗಳ ಬಹಿರಂಗ ಹರಾಜು ಪ್ರಕ್ರಿಯೆ ನಡೆಯಲಿದೆ. ಹೆಚ್ಚಿನ ಮಾಹಿತಿಗಾಗಿ Block Education Officer, Department of School Education, Heggadadevana Kote ಅವರ ಕಛೇರಿಯನ್ನು ಸಂಪರ್ಕಿಸಬಹುದು ಎಂದು ಕ್ಷೇತ್ರ ಶಿಕ್ಷಣಾಧಿಕಾರಿಗಳು ಪ್ರಕಟಣೆಯಲ್ಲಿ ತಿಳಿಸಿದ್ದಾರೆ.
ಹಿಂದೂಗಳ ನರಮೇಧಕ್ಕೆ ಖಂಡನೆ
ಮೈಸೂರು: ಹಿಂದೂಗಳ ಮೇಲೆ ನಡೆದ ದಾಳಿ ಹಾಗೂ ನರಮೇಧವನ್ನು ಖಂಡಿಸಿ ವಿವಿಧ ಸಂಘಟನೆಗಳ ಕಾರ್ಯಕರ್ತರು ಪ್ರತಿಭಟನೆ ನಡೆಸಿದರು. ಭಾರತೀಯರಲ್ಲಿ ಜಾಗೃತಿ ಮೂಡಿಸಬೇಕು, ಅಮಾಯಕರ ಮೇಲೆ ನಡೆದ ದೌರ್ಜನ್ಯವನ್ನು ಖಂಡಿಸಬೇಕು ಎಂದು ಆಗ್ರಹಿಸಿದರು. ಈ ವೇಳೆ ನೂರಾರು ಕಾರ್ಯಕರ್ತರು ಭಾಗವಹಿಸಿದ್ದರು. ಮೈಸೂರು: ಹಿಂದೂಗಳ ಮೇಲೆ ನಡೆದ ದಾಳಿ ಹಾಗೂ ನರಮೇಧವನ್ನು ಖಂಡಿಸಿ ವಿವಿಧ ಸಂಘಟನೆಗಳ ಕಾರ್ಯಕರ್ತರು ಪ್ರತಿಭಟನೆ ನಡೆಸಿದರು. ಭಾರತೀಯರಲ್ಲಿ ಜಾಗೃತಿ ಮೂಡಿಸಬೇಕು, ಅಮಾಯಕರ ಮೇಲೆ ನಡೆದ ದೌರ್ಜನ್ಯವನ್ನು ಖಂಡಿಸಬೇಕು ಎಂದು ಆಗ್ರಹಿಸಿದರು. ಈ ವೇಳೆ ನೂರಾರು ಕಾರ್ಯಕರ್ತರು ಭಾಗವಹಿಸಿದ್ದರು. ಮೈಸೂರು: ಹಿಂದೂಗಳ ಮೇಲೆ ನಡೆದ ದಾಳಿ ಹಾಗೂ ನರಮೇಧವನ್ನು ಖಂಡಿಸಿ ವಿವಿಧ ಸಂಘಟನೆಗಳ ಕಾರ್ಯಕರ್ತರು ಪ್ರತಿಭಟನೆ ನಡೆಸಿದರು. ಭಾರತೀಯರಲ್ಲಿ ಜಾಗೃತಿ ಮೂಡಿಸಬೇಕು, ಅಮಾಯಕರ ಮೇಲೆ ನಡೆದ ದೌರ್ಜನ್ಯವನ್ನು ಖಂಡಿಸಬೇಕು ಎಂದು ಆಗ್ರಹಿಸಿದರು. ಈ ವೇಳೆ ನೂರಾರು ಕಾರ್ಯಕರ್ತರು ಭಾಗವಹಿಸಿದ್ದರು.
